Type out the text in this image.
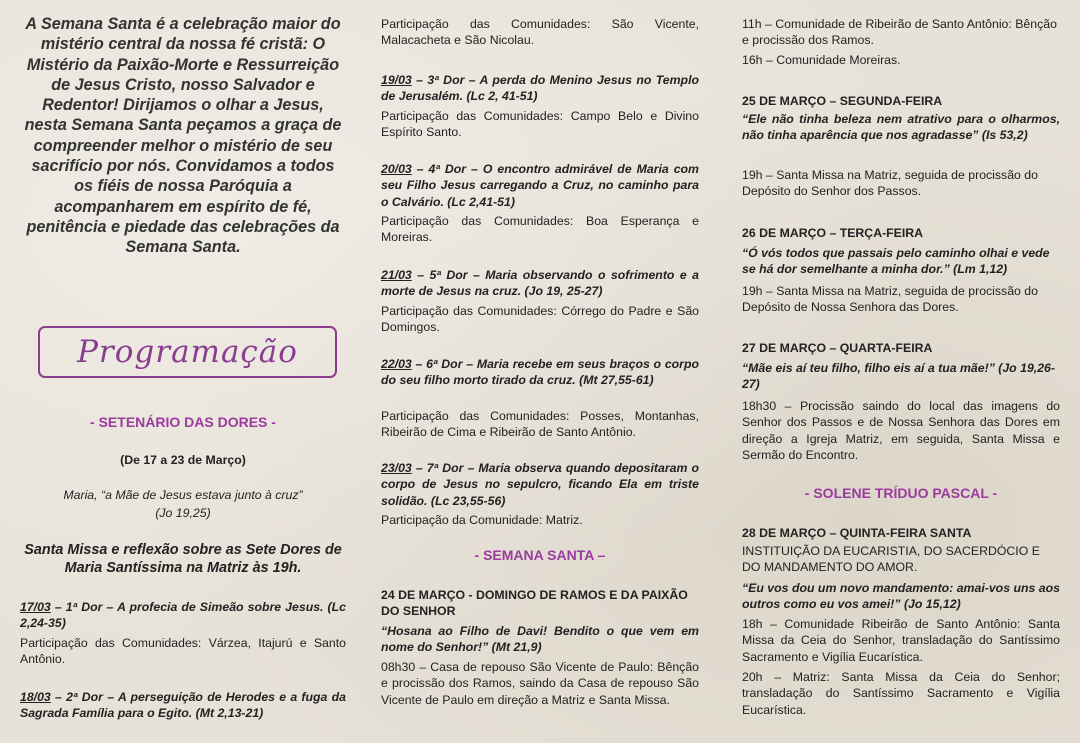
A Semana Santa é a celebração maior do mistério central da nossa fé cristã: O Mistério da Paixão-Morte e Ressurreição de Jesus Cristo, nosso Salvador e Redentor! Dirijamos o olhar a Jesus, nesta Semana Santa peçamos a graça de compreender melhor o mistério de seu sacrifício por nós. Convidamos a todos os fiéis de nossa Paróquia a acompanharem em espírito de fé, penitência e piedade das celebrações da Semana Santa.
Programação
- SETENÁRIO DAS DORES -
(De 17 a 23 de Março)
Maria, “a Mãe de Jesus estava junto à cruz”
(Jo 19,25)
Santa Missa e reflexão sobre as Sete Dores de Maria Santíssima na Matriz às 19h.
17/03 – 1ª Dor – A profecia de Simeão sobre Jesus. (Lc 2,24-35)
Participação das Comunidades: Várzea, Itajurú e Santo Antônio.
18/03 – 2ª Dor – A perseguição de Herodes e a fuga da Sagrada Família para o Egito. (Mt 2,13-21)
Participação das Comunidades: São Vicente, Malacacheta e São Nicolau.
19/03 – 3ª Dor – A perda do Menino Jesus no Templo de Jerusalém. (Lc 2, 41-51)
Participação das Comunidades: Campo Belo e Divino Espírito Santo.
20/03 – 4ª Dor – O encontro admirável de Maria com seu Filho Jesus carregando a Cruz, no caminho para o Calvário. (Lc 2,41-51)
Participação das Comunidades: Boa Esperança e Moreiras.
21/03 – 5ª Dor – Maria observando o sofrimento e a morte de Jesus na cruz. (Jo 19, 25-27)
Participação das Comunidades: Córrego do Padre e São Domingos.
22/03 – 6ª Dor – Maria recebe em seus braços o corpo do seu filho morto tirado da cruz. (Mt 27,55-61)
Participação das Comunidades: Posses, Montanhas, Ribeirão de Cima e Ribeirão de Santo Antônio.
23/03 – 7ª Dor – Maria observa quando depositaram o corpo de Jesus no sepulcro, ficando Ela em triste solidão. (Lc 23,55-56)
Participação da Comunidade: Matriz.
- SEMANA SANTA –
24 DE MARÇO - DOMINGO DE RAMOS E DA PAIXÃO DO SENHOR
“Hosana ao Filho de Davi! Bendito o que vem em nome do Senhor!” (Mt 21,9)
08h30 – Casa de repouso São Vicente de Paulo: Bênção e procissão dos Ramos, saindo da Casa de repouso São Vicente de Paulo em direção a Matriz e Santa Missa.
11h – Comunidade de Ribeirão de Santo Antônio: Bênção e procissão dos Ramos.
16h – Comunidade Moreiras.
25 DE MARÇO – SEGUNDA-FEIRA
“Ele não tinha beleza nem atrativo para o olharmos, não tinha aparência que nos agradasse” (Is 53,2)
19h – Santa Missa na Matriz, seguida de procissão do Depósito do Senhor dos Passos.
26 DE MARÇO – TERÇA-FEIRA
“Ó vós todos que passais pelo caminho olhai e vede se há dor semelhante a minha dor.” (Lm 1,12)
19h – Santa Missa na Matriz, seguida de procissão do Depósito de Nossa Senhora das Dores.
27 DE MARÇO – QUARTA-FEIRA
“Mãe eis aí teu filho, filho eis aí a tua mãe!” (Jo 19,26-27)
18h30 – Procissão saindo do local das imagens do Senhor dos Passos e de Nossa Senhora das Dores em direção a Igreja Matriz, em seguida, Santa Missa e Sermão do Encontro.
- SOLENE TRÍDUO PASCAL -
28 DE MARÇO – QUINTA-FEIRA SANTA
INSTITUIÇÃO DA EUCARISTIA, DO SACERDÓCIO E DO MANDAMENTO DO AMOR.
“Eu vos dou um novo mandamento: amai-vos uns aos outros como eu vos amei!” (Jo 15,12)
18h – Comunidade Ribeirão de Santo Antônio: Santa Missa da Ceia do Senhor, transladação do Santíssimo Sacramento e Vigília Eucarística.
20h – Matriz: Santa Missa da Ceia do Senhor; transladação do Santíssimo Sacramento e Vigília Eucarística.
